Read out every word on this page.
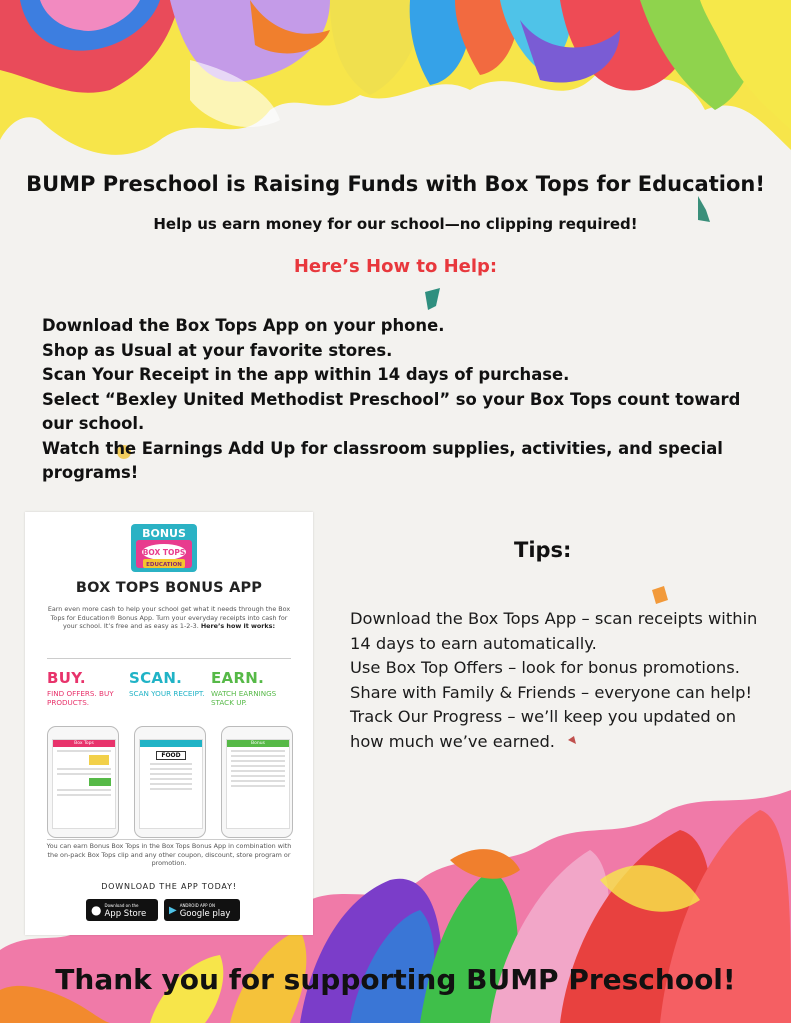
BUMP Preschool is Raising Funds with Box Tops for Education!
Help us earn money for our school—no clipping required!
Here’s How to Help:
Download the Box Tops App on your phone.
Shop as Usual at your favorite stores.
Scan Your Receipt in the app within 14 days of purchase.
Select “Bexley United Methodist Preschool” so your Box Tops count toward our school.
Watch the Earnings Add Up for classroom supplies, activities, and special programs!
BONUS
BOX TOPS
EDUCATION
BOX TOPS BONUS APP
Earn even more cash to help your school get what it needs through the Box Tops for Education® Bonus App. Turn your everyday receipts into cash for your school. It’s free and as easy as 1-2-3. Here’s how it works:
BUY.
FIND OFFERS. BUY PRODUCTS.
SCAN.
SCAN YOUR RECEIPT.
EARN.
WATCH EARNINGS STACK UP.
Box Tops
FOOD
Bonus
You can earn Bonus Box Tops in the Box Tops Bonus App in combination with the on-pack Box Tops clip and any other coupon, discount, store program or promotion.
DOWNLOAD THE APP TODAY!
● Download on the
App Store ▶ ANDROID APP ON
Google play
Tips:
Download the Box Tops App – scan receipts within 14 days to earn automatically.
Use Box Top Offers – look for bonus promotions.
Share with Family & Friends – everyone can help!
Track Our Progress – we’ll keep you updated on how much we’ve earned.
Thank you for supporting BUMP Preschool!
